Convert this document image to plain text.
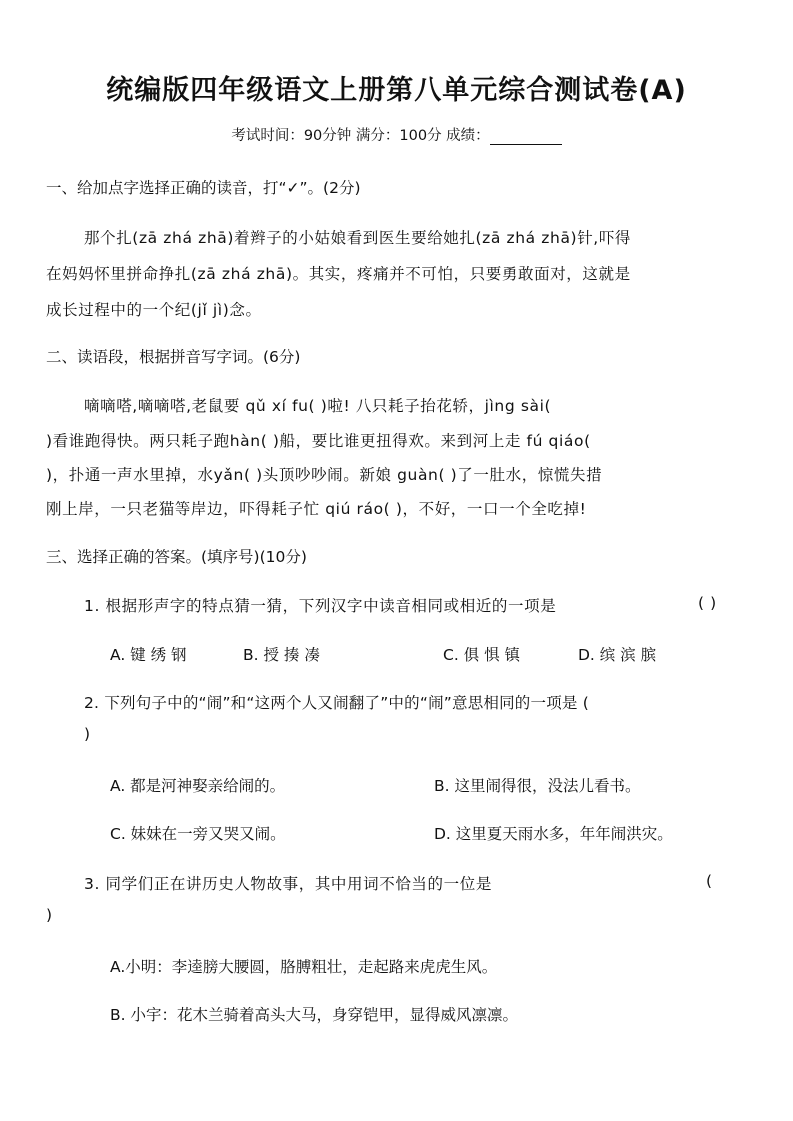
统编版四年级语文上册第八单元综合测试卷(A)
考试时间：90分钟 满分：100分 成绩：
一、给加点字选择正确的读音，打“✓”。(2分)
那个扎(zā zhá zhā)着辫子的小姑娘看到医生要给她扎(zā zhá zhā)针,吓得
在妈妈怀里拼命挣扎(zā zhá zhā)。其实，疼痛并不可怕，只要勇敢面对，这就是
成长过程中的一个纪(jǐ jì)念。
二、读语段，根据拼音写字词。(6分)
嘀嘀嗒,嘀嘀嗒,老鼠要 qǔ xí fu( )啦! 八只耗子抬花轿，jìng sài(
)看谁跑得快。两只耗子跑hàn( )船，要比谁更扭得欢。来到河上走 fú qiáo(
)，扑通一声水里掉，水yǎn( )头顶吵吵闹。新娘 guàn( )了一肚水，惊慌失措
刚上岸，一只老猫等岸边，吓得耗子忙 qiú ráo( )，不好，一口一个全吃掉!
三、选择正确的答案。(填序号)(10分)
1. 根据形声字的特点猜一猜，下列汉字中读音相同或相近的一项是	( )
A. 键 绣 钢	B. 授 揍 凑	C. 俱 惧 镇	D. 缤 滨 膑
2. 下列句子中的“闹”和“这两个人又闹翻了”中的“闹”意思相同的一项是 (
)
A. 都是河神娶亲给闹的。	B. 这里闹得很，没法儿看书。
C. 妹妹在一旁又哭又闹。	D. 这里夏天雨水多，年年闹洪灾。
3. 同学们正在讲历史人物故事，其中用词不恰当的一位是	(
)
A.小明：李逵膀大腰圆，胳膊粗壮，走起路来虎虎生风。
B. 小宇：花木兰骑着高头大马，身穿铠甲，显得威风凛凛。
